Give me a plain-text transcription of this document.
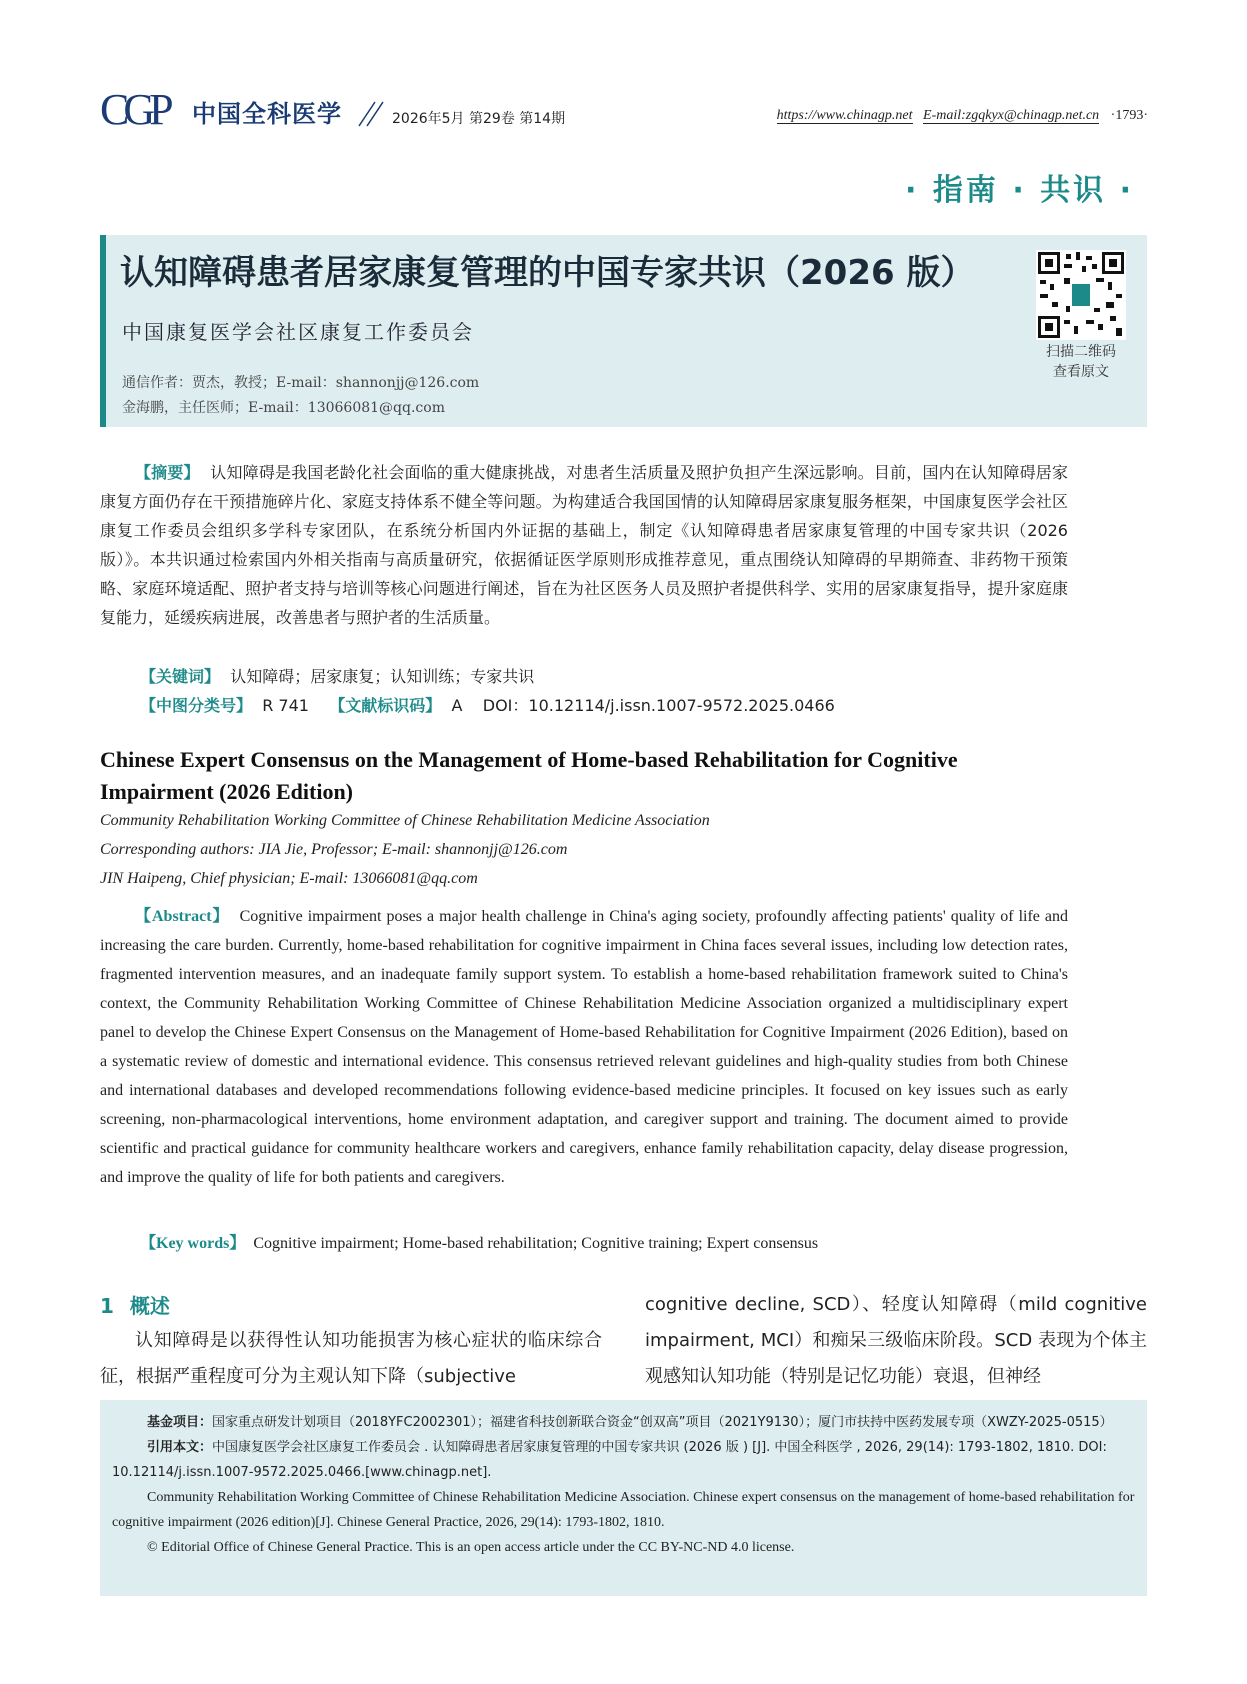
CGP 中国全科医学	2026年5月 第29卷 第14期	https://www.chinagp.net E-mail:zgqkyx@chinagp.net.cn ·1793·
· 指南 · 共识 ·
认知障碍患者居家康复管理的中国专家共识（2026 版）
中国康复医学会社区康复工作委员会
通信作者：贾杰，教授；E-mail：shannonjj@126.com
金海鹏，主任医师；E-mail：13066081@qq.com
扫描二维码
查看原文
【摘要】 认知障碍是我国老龄化社会面临的重大健康挑战，对患者生活质量及照护负担产生深远影响。目前，国内在认知障碍居家康复方面仍存在干预措施碎片化、家庭支持体系不健全等问题。为构建适合我国国情的认知障碍居家康复服务框架，中国康复医学会社区康复工作委员会组织多学科专家团队，在系统分析国内外证据的基础上，制定《认知障碍患者居家康复管理的中国专家共识（2026 版）》。本共识通过检索国内外相关指南与高质量研究，依据循证医学原则形成推荐意见，重点围绕认知障碍的早期筛查、非药物干预策略、家庭环境适配、照护者支持与培训等核心问题进行阐述，旨在为社区医务人员及照护者提供科学、实用的居家康复指导，提升家庭康复能力，延缓疾病进展，改善患者与照护者的生活质量。
【关键词】 认知障碍；居家康复；认知训练；专家共识
【中图分类号】 R 741 【文献标识码】 A DOI：10.12114/j.issn.1007-9572.2025.0466
Chinese Expert Consensus on the Management of Home-based Rehabilitation for Cognitive Impairment (2026 Edition)
Community Rehabilitation Working Committee of Chinese Rehabilitation Medicine Association
Corresponding authors: JIA Jie, Professor; E-mail: shannonjj@126.com
JIN Haipeng, Chief physician; E-mail: 13066081@qq.com
【Abstract】 Cognitive impairment poses a major health challenge in China's aging society, profoundly affecting patients' quality of life and increasing the care burden. Currently, home-based rehabilitation for cognitive impairment in China faces several issues, including low detection rates, fragmented intervention measures, and an inadequate family support system. To establish a home-based rehabilitation framework suited to China's context, the Community Rehabilitation Working Committee of Chinese Rehabilitation Medicine Association organized a multidisciplinary expert panel to develop the Chinese Expert Consensus on the Management of Home-based Rehabilitation for Cognitive Impairment (2026 Edition), based on a systematic review of domestic and international evidence. This consensus retrieved relevant guidelines and high-quality studies from both Chinese and international databases and developed recommendations following evidence-based medicine principles. It focused on key issues such as early screening, non-pharmacological interventions, home environment adaptation, and caregiver support and training. The document aimed to provide scientific and practical guidance for community healthcare workers and caregivers, enhance family rehabilitation capacity, delay disease progression, and improve the quality of life for both patients and caregivers.
【Key words】 Cognitive impairment; Home-based rehabilitation; Cognitive training; Expert consensus
1 概述
认知障碍是以获得性认知功能损害为核心症状的临床综合征，根据严重程度可分为主观认知下降（subjective
cognitive decline, SCD）、轻度认知障碍（mild cognitive impairment, MCI）和痴呆三级临床阶段。SCD 表现为个体主观感知认知功能（特别是记忆功能）衰退，但神经

基金项目：国家重点研发计划项目（2018YFC2002301）；福建省科技创新联合资金“创双高”项目（2021Y9130）；厦门市扶持中医药发展专项（XWZY-2025-0515）

引用本文：中国康复医学会社区康复工作委员会 . 认知障碍患者居家康复管理的中国专家共识 (2026 版 ) [J]. 中国全科医学 , 2026, 29(14): 1793-1802, 1810. DOI: 10.12114/j.issn.1007-9572.2025.0466.[www.chinagp.net].

Community Rehabilitation Working Committee of Chinese Rehabilitation Medicine Association. Chinese expert consensus on the management of home-based rehabilitation for cognitive impairment (2026 edition)[J]. Chinese General Practice, 2026, 29(14): 1793-1802, 1810.

© Editorial Office of Chinese General Practice. This is an open access article under the CC BY-NC-ND 4.0 license.
